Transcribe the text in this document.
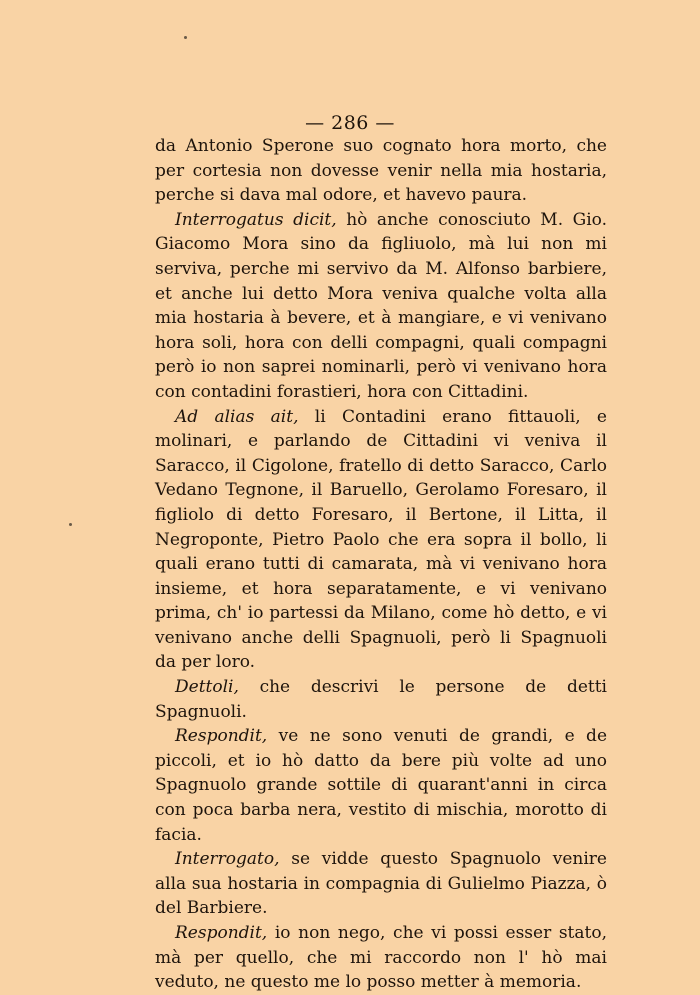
— 286 —

da Antonio Sperone suo cognato hora morto, che per cortesia non dovesse venir nella mia hostaria, perche si dava mal odore, et havevo paura.

Interrogatus dicit, hò anche conosciuto M. Gio. Giacomo Mora sino da figliuolo, mà lui non mi serviva, perche mi servivo da M. Alfonso barbiere, et anche lui detto Mora veniva qualche volta alla mia hostaria à bevere, et à mangiare, e vi venivano hora soli, hora con delli compagni, quali compagni però io non saprei nominarli, però vi venivano hora con contadini forastieri, hora con Cittadini.

Ad alias ait, li Contadini erano fittauoli, e molinari, e parlando de Cittadini vi veniva il Saracco, il Cigolone, fratello di detto Saracco, Carlo Vedano Tegnone, il Baruello, Gerolamo Foresaro, il figliolo di detto Foresaro, il Bertone, il Litta, il Negroponte, Pietro Paolo che era sopra il bollo, li quali erano tutti di camarata, mà vi venivano hora insieme, et hora separatamente, e vi venivano prima, ch' io partessi da Milano, come hò detto, e vi venivano anche delli Spagnuoli, però li Spagnuoli da per loro.

Dettoli, che descrivi le persone de detti Spagnuoli.

Respondit, ve ne sono venuti de grandi, e de piccoli, et io hò datto da bere più volte ad uno Spagnuolo grande sottile di quarant'anni in circa con poca barba nera, vestito di mischia, morotto di facia.

Interrogato, se vidde questo Spagnuolo venire alla sua hostaria in compagnia di Gulielmo Piazza, ò del Barbiere.

Respondit, io non nego, che vi possi esser stato, mà per quello, che mi raccordo non l' hò mai veduto, ne questo me lo posso metter à memoria.
